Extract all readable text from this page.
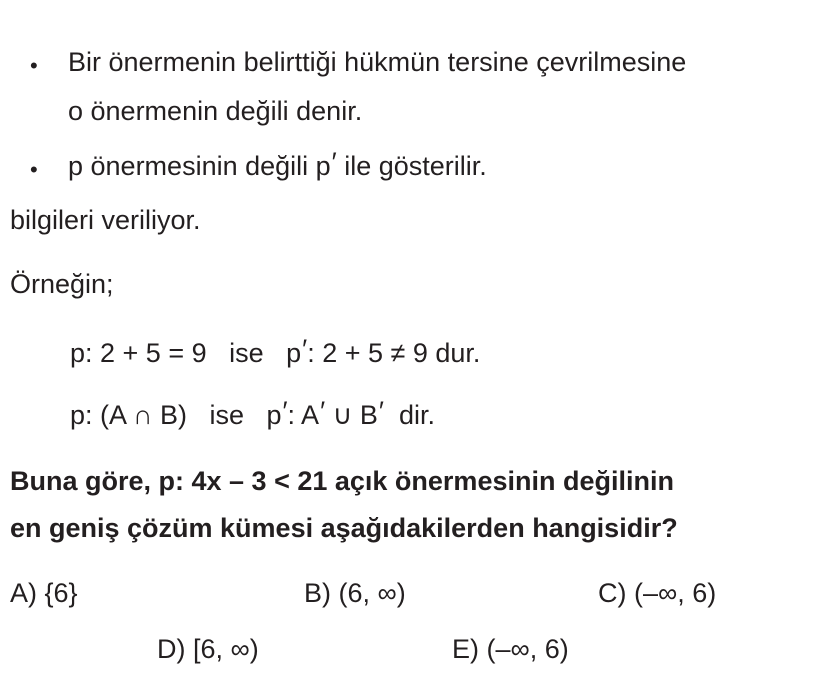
• Bir önermenin belirttiği hükmün tersine çevrilmesine
o önermenin değili denir.
• p önermesinin değili p′ ile gösterilir.
bilgileri veriliyor.
Örneğin;
p: 2 + 5 = 9   ise   p′: 2 + 5 ≠ 9 dur.
p: (A ∩ B)   ise   p′: A′ ∪ B′  dir.
Buna göre, p: 4x – 3 < 21 açık önermesinin değilinin
en geniş çözüm kümesi aşağıdakilerden hangisidir?
A) {6}	B) (6, ∞)	C) (–∞, 6)
D) [6, ∞)	E) (–∞, 6)
